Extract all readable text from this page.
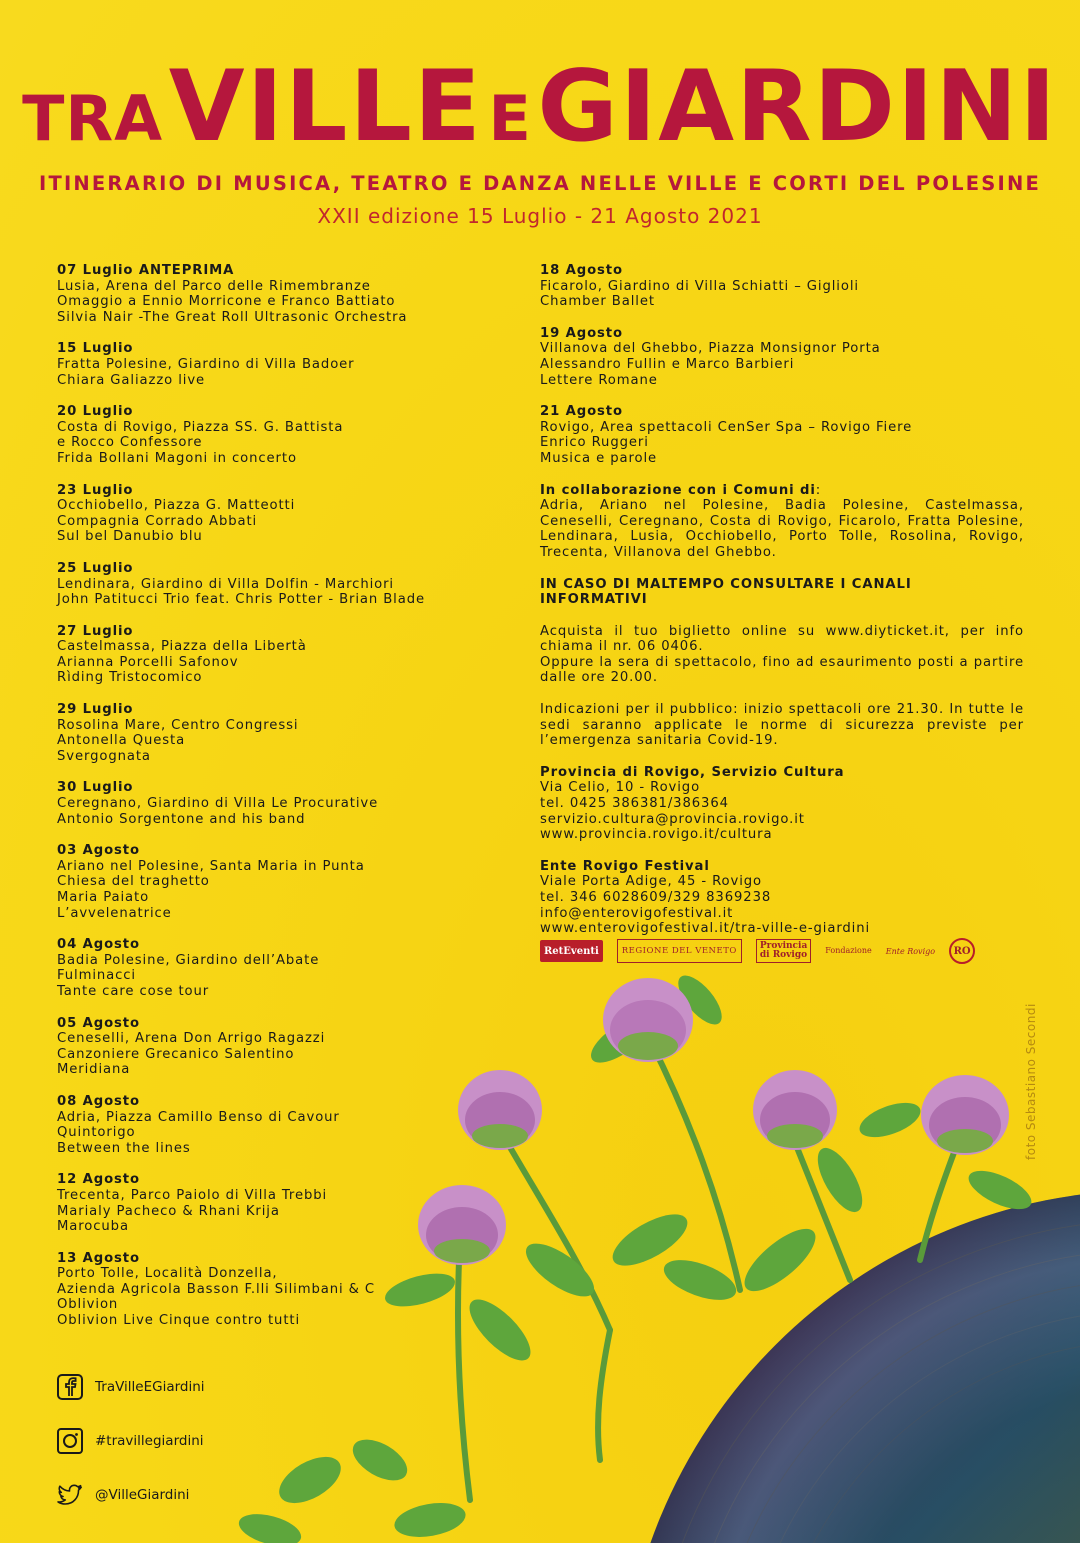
TRA VILLE E GIARDINI
ITINERARIO DI MUSICA, TEATRO E DANZA NELLE VILLE E CORTI DEL POLESINE
XXII edizione 15 Luglio - 21 Agosto 2021
07 Luglio ANTEPRIMA
Lusia, Arena del Parco delle Rimembranze
Omaggio a Ennio Morricone e Franco Battiato
Silvia Nair -The Great Roll Ultrasonic Orchestra
15 Luglio
Fratta Polesine, Giardino di Villa Badoer
Chiara Galiazzo live
20 Luglio
Costa di Rovigo, Piazza SS. G. Battista
e Rocco Confessore
Frida Bollani Magoni in concerto
23 Luglio
Occhiobello, Piazza G. Matteotti
Compagnia Corrado Abbati
Sul bel Danubio blu
25 Luglio
Lendinara, Giardino di Villa Dolfin - Marchiori
John Patitucci Trio feat. Chris Potter - Brian Blade
27 Luglio
Castelmassa, Piazza della Libertà
Arianna Porcelli Safonov
Rìding Tristocomico
29 Luglio
Rosolina Mare, Centro Congressi
Antonella Questa
Svergognata
30 Luglio
Ceregnano, Giardino di Villa Le Procurative
Antonio Sorgentone and his band
03 Agosto
Ariano nel Polesine, Santa Maria in Punta
Chiesa del traghetto
Maria Paiato
L’avvelenatrice
04 Agosto
Badia Polesine, Giardino dell’Abate
Fulminacci
Tante care cose tour
05 Agosto
Ceneselli, Arena Don Arrigo Ragazzi
Canzoniere Grecanico Salentino
Meridiana
08 Agosto
Adria, Piazza Camillo Benso di Cavour
Quintorigo
Between the lines
12 Agosto
Trecenta, Parco Paiolo di Villa Trebbi
Marialy Pacheco & Rhani Krija
Marocuba
13 Agosto
Porto Tolle, Località Donzella,
Azienda Agricola Basson F.lli Silimbani & C
Oblivion
Oblivion Live Cinque contro tutti
18 Agosto
Ficarolo, Giardino di Villa Schiatti – Giglioli
Chamber Ballet
19 Agosto
Villanova del Ghebbo, Piazza Monsignor Porta
Alessandro Fullin e Marco Barbieri
Lettere Romane
21 Agosto
Rovigo, Area spettacoli CenSer Spa – Rovigo Fiere
Enrico Ruggeri
Musica e parole
In collaborazione con i Comuni di:
Adria, Ariano nel Polesine, Badia Polesine, Castelmassa, Ceneselli, Ceregnano, Costa di Rovigo, Ficarolo, Fratta Polesine, Lendinara, Lusia, Occhiobello, Porto Tolle, Rosolina, Rovigo, Trecenta, Villanova del Ghebbo.
IN CASO DI MALTEMPO CONSULTARE I CANALI INFORMATIVI
Acquista il tuo biglietto online su www.diyticket.it, per info chiama il nr. 06 0406.
Oppure la sera di spettacolo, fino ad esaurimento posti a partire dalle ore 20.00.
Indicazioni per il pubblico: inizio spettacoli ore 21.30. In tutte le sedi saranno applicate le norme di sicurezza previste per l’emergenza sanitaria Covid-19.
Provincia di Rovigo, Servizio Cultura
Via Celio, 10 - Rovigo
tel. 0425 386381/386364
servizio.cultura@provincia.rovigo.it
www.provincia.rovigo.it/cultura
Ente Rovigo Festival
Viale Porta Adige, 45 - Rovigo
tel. 346 6028609/329 8369238
info@enterovigofestival.it
www.enterovigofestival.it/tra-ville-e-giardini
RetEventi	REGIONE DEL VENETO	Provincia
di Rovigo Fondazione Ente Rovigo	RO
foto Sebastiano Secondi
TraVilleEGiardini
#travillegiardini
@VilleGiardini
